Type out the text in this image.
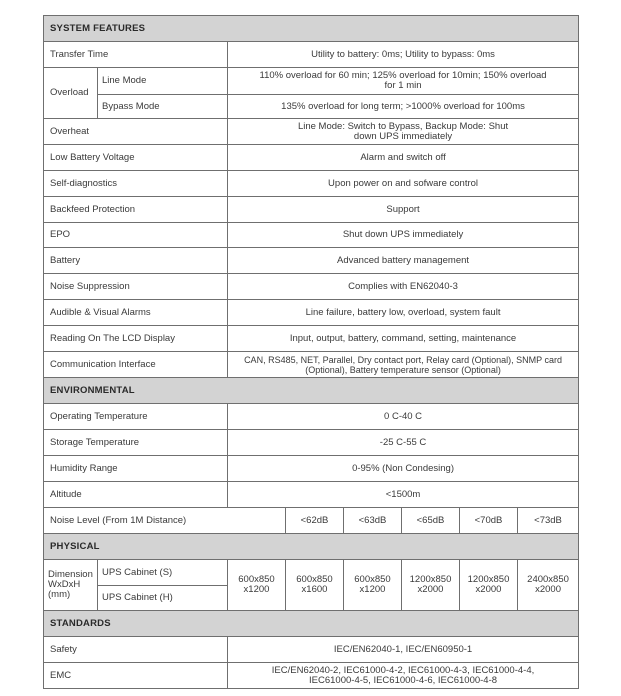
SYSTEM FEATURES							
Transfer Time		Utility to battery: 0ms; Utility to bypass: 0ms					
Overload	Line Mode	110% overload for 60 min; 125% overload for 10min; 150% overload for 1 min					
	Bypass Mode	135% overload for long term; >1000% overload for 100ms					
Overheat		Line Mode: Switch to Bypass, Backup Mode: Shut down UPS immediately					
Low Battery Voltage		Alarm and switch off					
Self-diagnostics		Upon power on and sofware control					
Backfeed Protection		Support					
EPO		Shut down UPS immediately					
Battery		Advanced battery management					
Noise Suppression		Complies with EN62040-3					
Audible & Visual Alarms		Line failure, battery low, overload, system fault					
Reading On The LCD Display		Input, output, battery, command, setting, maintenance					
Communication Interface		CAN, RS485, NET, Parallel, Dry contact port, Relay card (Optional), SNMP card (Optional), Battery temperature sensor (Optional)					
ENVIRONMENTAL							
Operating Temperature		0 C-40 C					
Storage Temperature		-25 C-55 C					
Humidity Range		0-95% (Non Condesing)					
Altitude		<1500m					
Noise Level (From 1M Distance)			<62dB	<63dB	<65dB	<70dB	<73dB
PHYSICAL							
Dimension WxDxH (mm)	UPS Cabinet (S)	600x850 x1200	600x850 x1600	600x850 x1200	1200x850 x2000	1200x850 x2000	2400x850 x2000
	UPS Cabinet (H)						
STANDARDS							
Safety		IEC/EN62040-1, IEC/EN60950-1					
EMC		IEC/EN62040-2, IEC61000-4-2, IEC61000-4-3, IEC61000-4-4, IEC61000-4-5, IEC61000-4-6, IEC61000-4-8					
